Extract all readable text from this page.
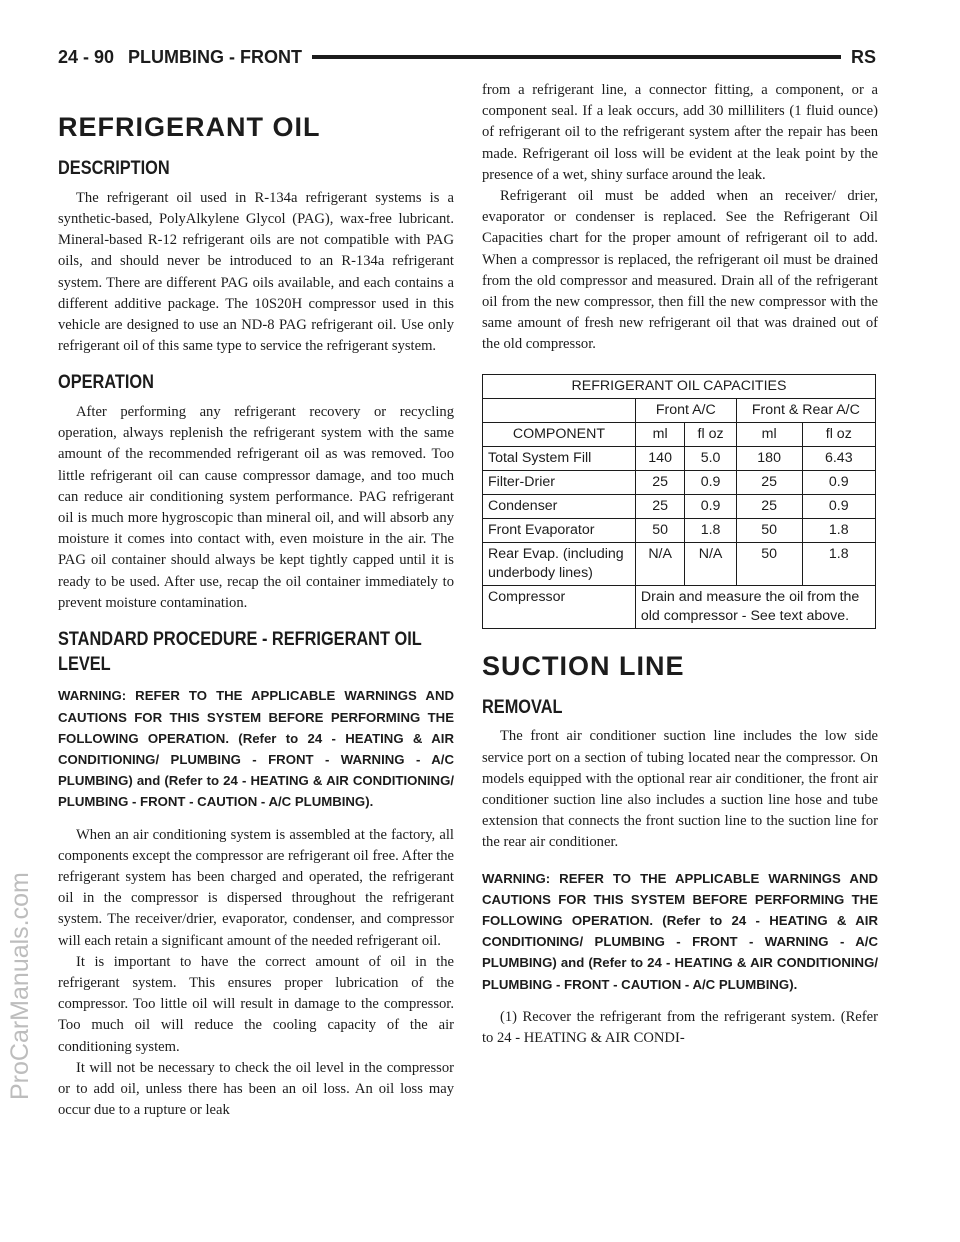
24 - 90 PLUMBING - FRONT	RS
ProCarManuals.com
REFRIGERANT OIL
DESCRIPTION

The refrigerant oil used in R-134a refrigerant systems is a synthetic-based, PolyAlkylene Glycol (PAG), wax-free lubricant. Mineral-based R-12 refrigerant oils are not compatible with PAG oils, and should never be introduced to an R-134a refrigerant system. There are different PAG oils available, and each contains a different additive package. The 10S20H compressor used in this vehicle are designed to use an ND-8 PAG refrigerant oil. Use only refrigerant oil of this same type to service the refrigerant system.

OPERATION

After performing any refrigerant recovery or recycling operation, always replenish the refrigerant system with the same amount of the recommended refrigerant oil as was removed. Too little refrigerant oil can cause compressor damage, and too much can reduce air conditioning system performance. PAG refrigerant oil is much more hygroscopic than mineral oil, and will absorb any moisture it comes into contact with, even moisture in the air. The PAG oil container should always be kept tightly capped until it is ready to be used. After use, recap the oil container immediately to prevent moisture contamination.

STANDARD PROCEDURE - REFRIGERANT OIL LEVEL

WARNING: REFER TO THE APPLICABLE WARNINGS AND CAUTIONS FOR THIS SYSTEM BEFORE PERFORMING THE FOLLOWING OPERATION. (Refer to 24 - HEATING & AIR CONDITIONING/ PLUMBING - FRONT - WARNING - A/C PLUMBING) and (Refer to 24 - HEATING & AIR CONDITIONING/ PLUMBING - FRONT - CAUTION - A/C PLUMBING).

When an air conditioning system is assembled at the factory, all components except the compressor are refrigerant oil free. After the refrigerant system has been charged and operated, the refrigerant oil in the compressor is dispersed throughout the refrigerant system. The receiver/drier, evaporator, condenser, and compressor will each retain a significant amount of the needed refrigerant oil.

It is important to have the correct amount of oil in the refrigerant system. This ensures proper lubrication of the compressor. Too little oil will result in damage to the compressor. Too much oil will reduce the cooling capacity of the air conditioning system.

It will not be necessary to check the oil level in the compressor or to add oil, unless there has been an oil loss. An oil loss may occur due to a rupture or leak

from a refrigerant line, a connector fitting, a component, or a component seal. If a leak occurs, add 30 milliliters (1 fluid ounce) of refrigerant oil to the refrigerant system after the repair has been made. Refrigerant oil loss will be evident at the leak point by the presence of a wet, shiny surface around the leak.

Refrigerant oil must be added when an receiver/ drier, evaporator or condenser is replaced. See the Refrigerant Oil Capacities chart for the proper amount of refrigerant oil to add. When a compressor is replaced, the refrigerant oil must be drained from the old compressor and measured. Drain all of the refrigerant oil from the new compressor, then fill the new compressor with the same amount of fresh new refrigerant oil that was drained out of the old compressor.

REFRIGERANT OIL CAPACITIES				
	Front A/C		Front & Rear A/C	
COMPONENT	ml	fl oz	ml	fl oz
Total System Fill	140	5.0	180	6.43
Filter-Drier	25	0.9	25	0.9
Condenser	25	0.9	25	0.9
Front Evaporator	50	1.8	50	1.8
Rear Evap. (including underbody lines)	N/A	N/A	50	1.8
Compressor	Drain and measure the oil from the old compressor - See text above.			
SUCTION LINE
REMOVAL

The front air conditioner suction line includes the low side service port on a section of tubing located near the compressor. On models equipped with the optional rear air conditioner, the front air conditioner suction line also includes a suction line hose and tube extension that connects the front suction line to the suction line for the rear air conditioner.

WARNING: REFER TO THE APPLICABLE WARNINGS AND CAUTIONS FOR THIS SYSTEM BEFORE PERFORMING THE FOLLOWING OPERATION. (Refer to 24 - HEATING & AIR CONDITIONING/ PLUMBING - FRONT - WARNING - A/C PLUMBING) and (Refer to 24 - HEATING & AIR CONDITIONING/ PLUMBING - FRONT - CAUTION - A/C PLUMBING).

(1) Recover the refrigerant from the refrigerant system. (Refer to 24 - HEATING & AIR CONDI-
